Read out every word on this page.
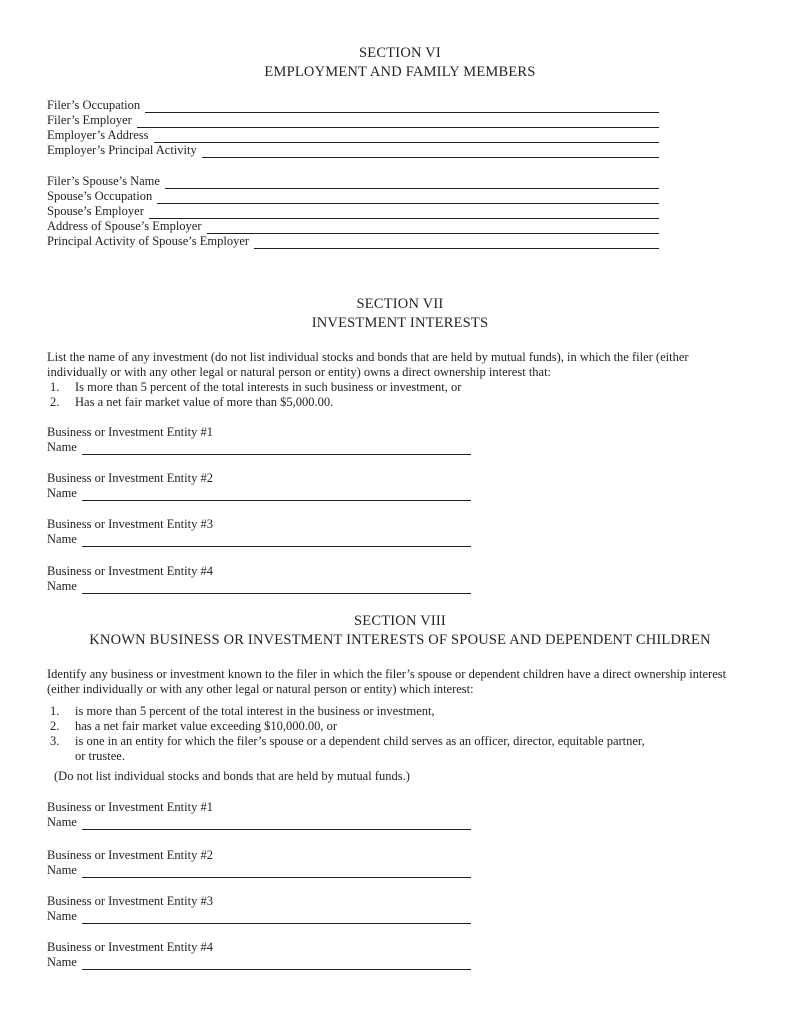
SECTION VI
EMPLOYMENT AND FAMILY MEMBERS
Filer’s Occupation
Filer’s Employer
Employer’s Address
Employer’s Principal Activity
Filer’s Spouse’s Name
Spouse’s Occupation
Spouse’s Employer
Address of Spouse’s Employer
Principal Activity of Spouse’s Employer
SECTION VII
INVESTMENT INTERESTS
List the name of any investment (do not list individual stocks and bonds that are held by mutual funds), in which the filer (either individually or with any other legal or natural person or entity) owns a direct ownership interest that:
1.	Is more than 5 percent of the total interests in such business or investment, or
2.	Has a net fair market value of more than $5,000.00.
Business or Investment Entity #1
Name
Business or Investment Entity #2
Name
Business or Investment Entity #3
Name
Business or Investment Entity #4
Name
SECTION VIII
KNOWN BUSINESS OR INVESTMENT INTERESTS OF SPOUSE AND DEPENDENT CHILDREN
Identify any business or investment known to the filer in which the filer’s spouse or dependent children have a direct ownership interest (either individually or with any other legal or natural person or entity) which interest:
1.	is more than 5 percent of the total interest in the business or investment,
2.	has a net fair market value exceeding $10,000.00, or
3.	is one in an entity for which the filer’s spouse or a dependent child serves as an officer, director, equitable partner, or trustee.
(Do not list individual stocks and bonds that are held by mutual funds.)
Business or Investment Entity #1
Name
Business or Investment Entity #2
Name
Business or Investment Entity #3
Name
Business or Investment Entity #4
Name
